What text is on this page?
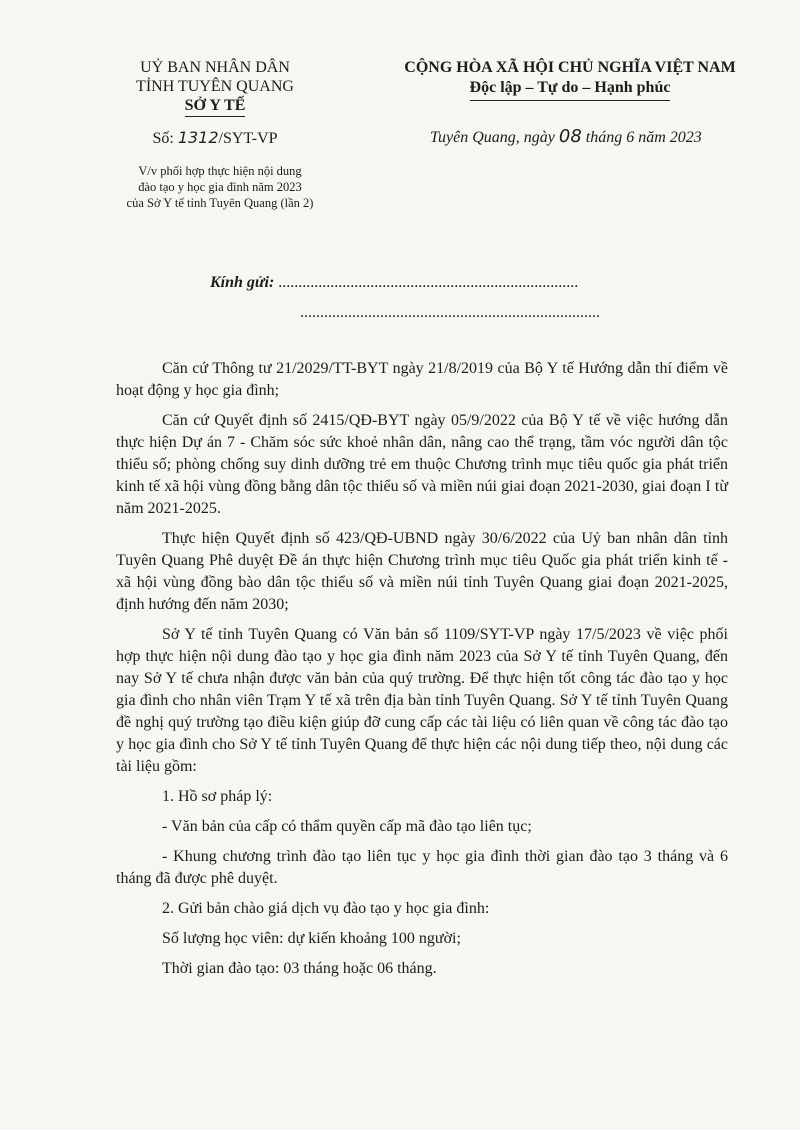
UỶ BAN NHÂN DÂN
TỈNH TUYÊN QUANG
SỞ Y TẾ
CỘNG HÒA XÃ HỘI CHỦ NGHĨA VIỆT NAM
Độc lập – Tự do – Hạnh phúc
Số: 1312/SYT-VP	Tuyên Quang, ngày 08 tháng 6 năm 2023
V/v phối hợp thực hiện nội dung
đào tạo y học gia đình năm 2023
của Sở Y tế tỉnh Tuyên Quang (lần 2)
Kính gửi: ...........................................................................
...........................................................................

Căn cứ Thông tư 21/2029/TT-BYT ngày 21/8/2019 của Bộ Y tế Hướng dẫn thí điểm về hoạt động y học gia đình;

Căn cứ Quyết định số 2415/QĐ-BYT ngày 05/9/2022 của Bộ Y tế về việc hướng dẫn thực hiện Dự án 7 - Chăm sóc sức khoẻ nhân dân, nâng cao thể trạng, tầm vóc người dân tộc thiểu số; phòng chống suy dinh dưỡng trẻ em thuộc Chương trình mục tiêu quốc gia phát triển kinh tế xã hội vùng đồng bằng dân tộc thiểu số và miền núi giai đoạn 2021-2030, giai đoạn I từ năm 2021-2025.

Thực hiện Quyết định số 423/QĐ-UBND ngày 30/6/2022 của Uỷ ban nhân dân tỉnh Tuyên Quang Phê duyệt Đề án thực hiện Chương trình mục tiêu Quốc gia phát triển kinh tế - xã hội vùng đồng bào dân tộc thiểu số và miền núi tỉnh Tuyên Quang giai đoạn 2021-2025, định hướng đến năm 2030;

Sở Y tế tỉnh Tuyên Quang có Văn bản số 1109/SYT-VP ngày 17/5/2023 về việc phối hợp thực hiện nội dung đào tạo y học gia đình năm 2023 của Sở Y tế tỉnh Tuyên Quang, đến nay Sở Y tế chưa nhận được văn bản của quý trường. Để thực hiện tốt công tác đào tạo y học gia đình cho nhân viên Trạm Y tế xã trên địa bàn tỉnh Tuyên Quang. Sở Y tế tỉnh Tuyên Quang đề nghị quý trường tạo điều kiện giúp đỡ cung cấp các tài liệu có liên quan về công tác đào tạo y học gia đình cho Sở Y tế tỉnh Tuyên Quang để thực hiện các nội dung tiếp theo, nội dung các tài liệu gồm:

1. Hồ sơ pháp lý:

- Văn bản của cấp có thẩm quyền cấp mã đào tạo liên tục;

- Khung chương trình đào tạo liên tục y học gia đình thời gian đào tạo 3 tháng và 6 tháng đã được phê duyệt.

2. Gửi bản chào giá dịch vụ đào tạo y học gia đình:

Số lượng học viên: dự kiến khoảng 100 người;

Thời gian đào tạo: 03 tháng hoặc 06 tháng.
